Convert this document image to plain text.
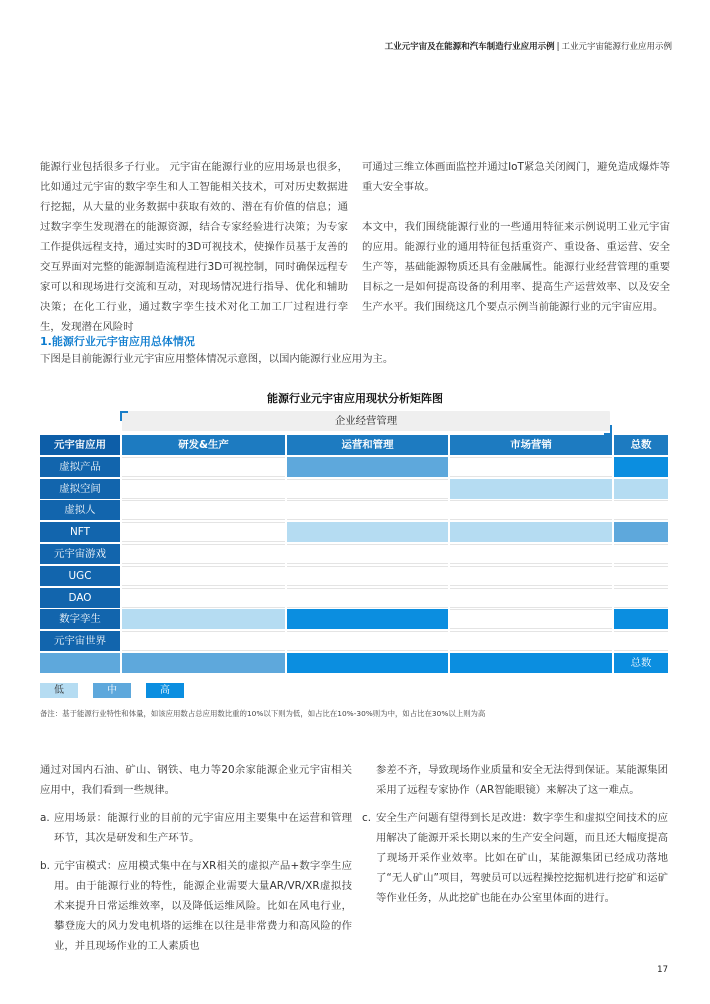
工业元宇宙及在能源和汽车制造行业应用示例 | 工业元宇宙能源行业应用示例

能源行业包括很多子行业。 元宇宙在能源行业的应用场景也很多，比如通过元宇宙的数字孪生和人工智能相关技术，可对历史数据进行挖掘，从大量的业务数据中获取有效的、潜在有价值的信息；通过数字孪生发现潜在的能源资源，结合专家经验进行决策；为专家工作提供远程支持，通过实时的3D可视技术，使操作员基于友善的交互界面对完整的能源制造流程进行3D可视控制，同时确保远程专家可以和现场进行交流和互动，对现场情况进行指导、优化和辅助决策；在化工行业，通过数字孪生技术对化工加工厂过程进行孪生，发现潜在风险时

可通过三维立体画面监控并通过IoT紧急关闭阀门，避免造成爆炸等重大安全事故。

本文中，我们围绕能源行业的一些通用特征来示例说明工业元宇宙的应用。能源行业的通用特征包括重资产、重设备、重运营、安全生产等，基础能源物质还具有金融属性。能源行业经营管理的重要目标之一是如何提高设备的利用率、提高生产运营效率、以及安全生产水平。我们围绕这几个要点示例当前能源行业的元宇宙应用。

1.能源行业元宇宙应用总体情况
下图是目前能源行业元宇宙应用整体情况示意图，以国内能源行业应用为主。
能源行业元宇宙应用现状分析矩阵图
企业经营管理
元宇宙应用	研发&生产	运营和管理	市场营销	总数
虚拟产品
虚拟空间
虚拟人
NFT
元宇宙游戏
UGC
DAO
数字孪生
元宇宙世界
总数
低	中	高
备注：基于能源行业特性和体量，如该应用数占总应用数比重的10%以下则为低，如占比在10%-30%则为中，如占比在30%以上则为高

通过对国内石油、矿山、钢铁、电力等20余家能源企业元宇宙相关应用中，我们看到一些规律。

a. 应用场景：能源行业的目前的元宇宙应用主要集中在运营和管理环节，其次是研发和生产环节。
b. 元宇宙模式：应用模式集中在与XR相关的虚拟产品+数字孪生应用。由于能源行业的特性，能源企业需要大量AR/VR/XR虚拟技术来提升日常运维效率，以及降低运维风险。比如在风电行业，攀登庞大的风力发电机塔的运维在以往是非常费力和高风险的作业，并且现场作业的工人素质也

参差不齐，导致现场作业质量和安全无法得到保证。某能源集团采用了远程专家协作（AR智能眼镜）来解决了这一难点。

c. 安全生产问题有望得到长足改进：数字孪生和虚拟空间技术的应用解决了能源开采长期以来的生产安全问题，而且还大幅度提高了现场开采作业效率。比如在矿山，某能源集团已经成功落地了“无人矿山”项目，驾驶员可以远程操控挖掘机进行挖矿和运矿等作业任务，从此挖矿也能在办公室里体面的进行。
17
